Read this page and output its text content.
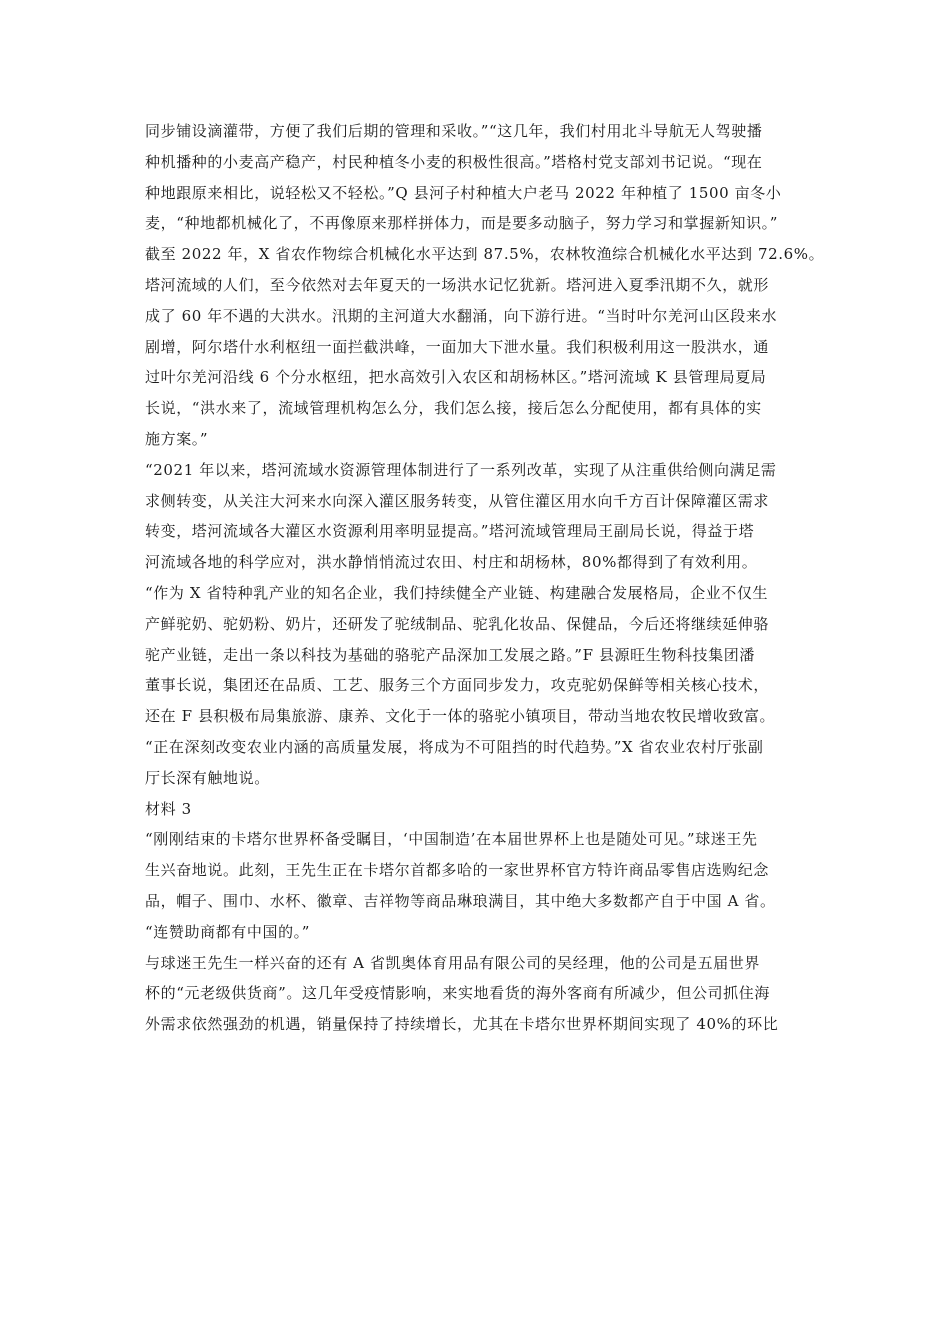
同步铺设滴灌带，方便了我们后期的管理和采收。”“这几年，我们村用北斗导航无人驾驶播
种机播种的小麦高产稳产，村民种植冬小麦的积极性很高。”塔格村党支部刘书记说。“现在
种地跟原来相比，说轻松又不轻松。”Q 县河子村种植大户老马 2022 年种植了 1500 亩冬小
麦，“种地都机械化了，不再像原来那样拼体力，而是要多动脑子，努力学习和掌握新知识。”
截至 2022 年，X 省农作物综合机械化水平达到 87.5%，农林牧渔综合机械化水平达到 72.6%。
塔河流域的人们，至今依然对去年夏天的一场洪水记忆犹新。塔河进入夏季汛期不久，就形
成了 60 年不遇的大洪水。汛期的主河道大水翻涌，向下游行进。“当时叶尔羌河山区段来水
剧增，阿尔塔什水利枢纽一面拦截洪峰，一面加大下泄水量。我们积极利用这一股洪水，通
过叶尔羌河沿线 6 个分水枢纽，把水高效引入农区和胡杨林区。”塔河流域 K 县管理局夏局
长说，“洪水来了，流域管理机构怎么分，我们怎么接，接后怎么分配使用，都有具体的实
施方案。”
“2021 年以来，塔河流域水资源管理体制进行了一系列改革，实现了从注重供给侧向满足需
求侧转变，从关注大河来水向深入灌区服务转变，从管住灌区用水向千方百计保障灌区需求
转变，塔河流域各大灌区水资源利用率明显提高。”塔河流域管理局王副局长说，得益于塔
河流域各地的科学应对，洪水静悄悄流过农田、村庄和胡杨林，80%都得到了有效利用。
“作为 X 省特种乳产业的知名企业，我们持续健全产业链、构建融合发展格局，企业不仅生
产鲜驼奶、驼奶粉、奶片，还研发了驼绒制品、驼乳化妆品、保健品，今后还将继续延伸骆
驼产业链，走出一条以科技为基础的骆驼产品深加工发展之路。”F 县源旺生物科技集团潘
董事长说，集团还在品质、工艺、服务三个方面同步发力，攻克驼奶保鲜等相关核心技术，
还在 F 县积极布局集旅游、康养、文化于一体的骆驼小镇项目，带动当地农牧民增收致富。
“正在深刻改变农业内涵的高质量发展，将成为不可阻挡的时代趋势。”X 省农业农村厅张副
厅长深有触地说。
材料 3
“刚刚结束的卡塔尔世界杯备受瞩目，‘中国制造’在本届世界杯上也是随处可见。”球迷王先
生兴奋地说。此刻，王先生正在卡塔尔首都多哈的一家世界杯官方特许商品零售店选购纪念
品，帽子、围巾、水杯、徽章、吉祥物等商品琳琅满目，其中绝大多数都产自于中国 A 省。
“连赞助商都有中国的。”
与球迷王先生一样兴奋的还有 A 省凯奥体育用品有限公司的吴经理，他的公司是五届世界
杯的“元老级供货商”。这几年受疫情影响，来实地看货的海外客商有所减少，但公司抓住海
外需求依然强劲的机遇，销量保持了持续增长，尤其在卡塔尔世界杯期间实现了 40%的环比
